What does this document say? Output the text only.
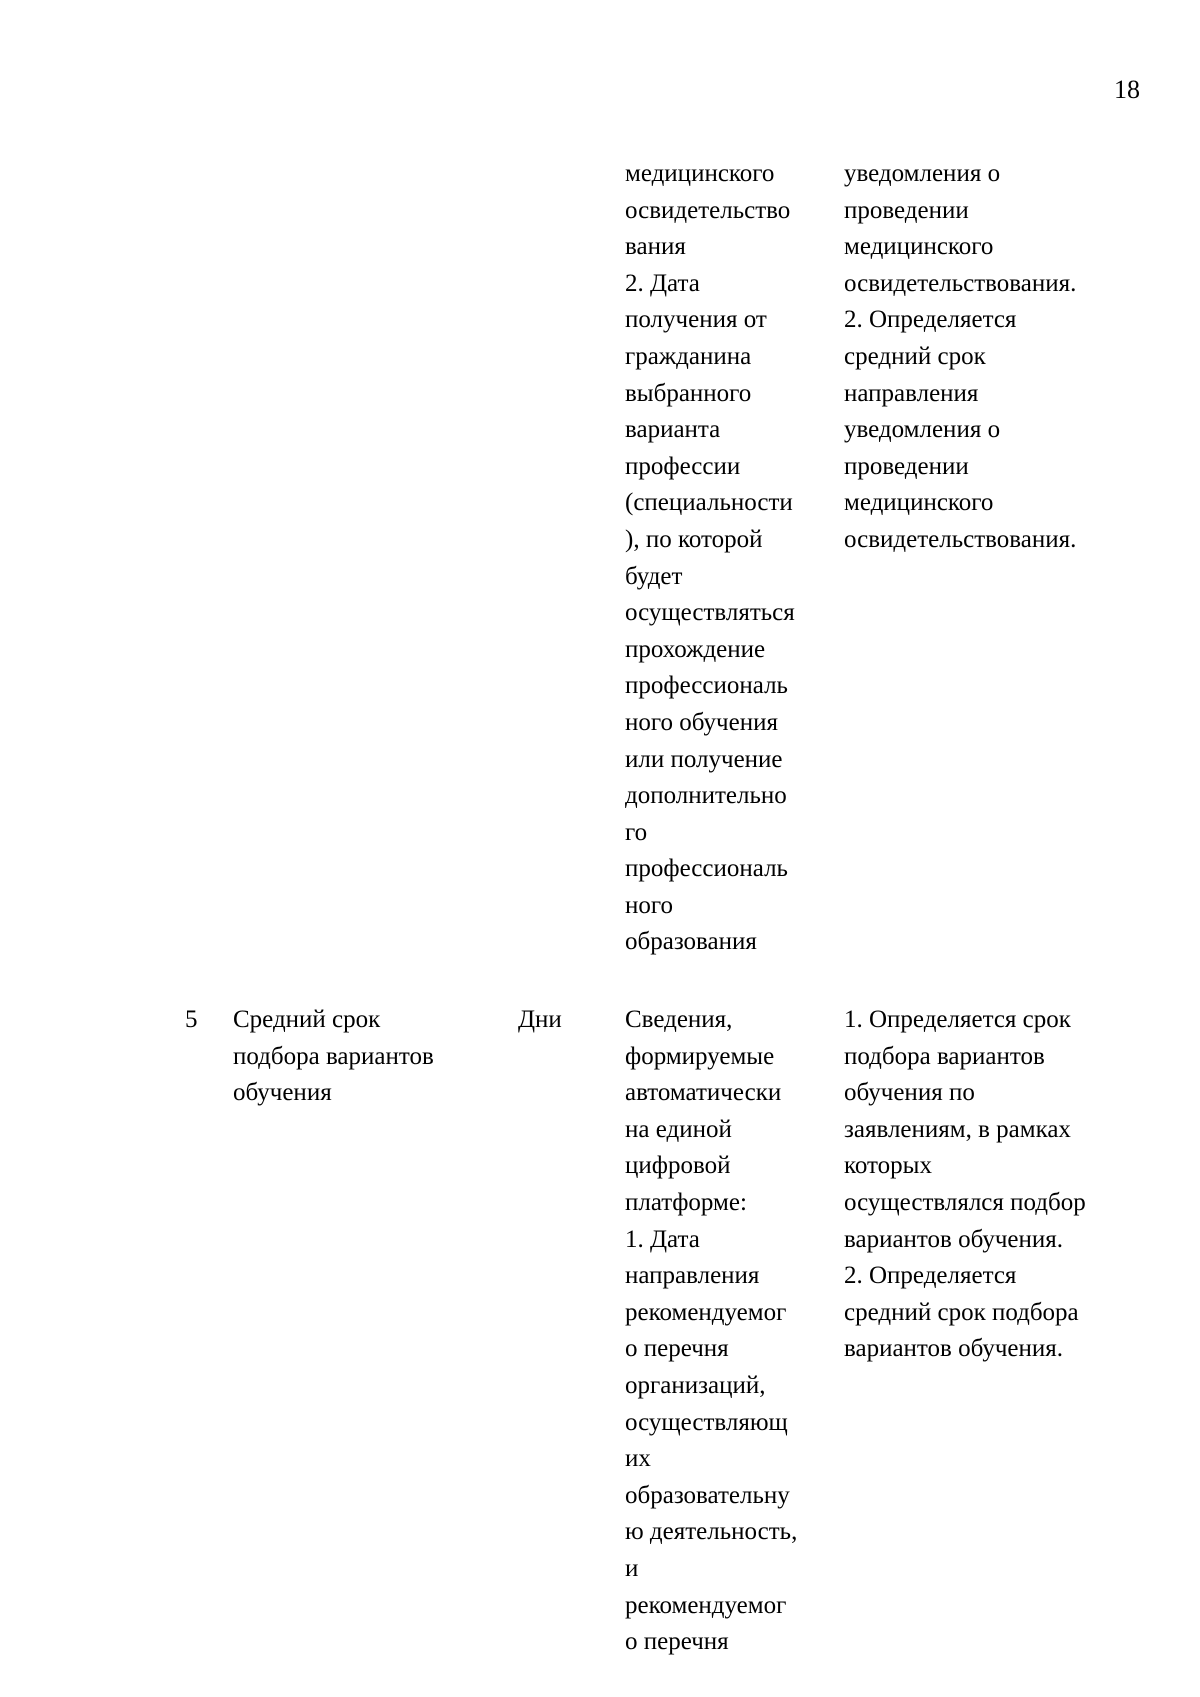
18
медицинского
освидетельство
вания
2. Дата
получения от
гражданина
выбранного
варианта
профессии
(специальности
), по которой
будет
осуществляться
прохождение
профессиональ
ного обучения
или получение
дополнительно
го
профессиональ
ного
образования
уведомления о
проведении
медицинского
освидетельствования.
2. Определяется
средний срок
направления
уведомления о
проведении
медицинского
освидетельствования.
5	Средний срок
подбора вариантов
обучения
Дни	Сведения,
формируемые
автоматически
на единой
цифровой
платформе:
1. Дата
направления
рекомендуемог
о перечня
организаций,
осуществляющ
их
образовательну
ю деятельность,
и
рекомендуемог
о перечня
1. Определяется срок
подбора вариантов
обучения по
заявлениям, в рамках
которых
осуществлялся подбор
вариантов обучения.
2. Определяется
средний срок подбора
вариантов обучения.
